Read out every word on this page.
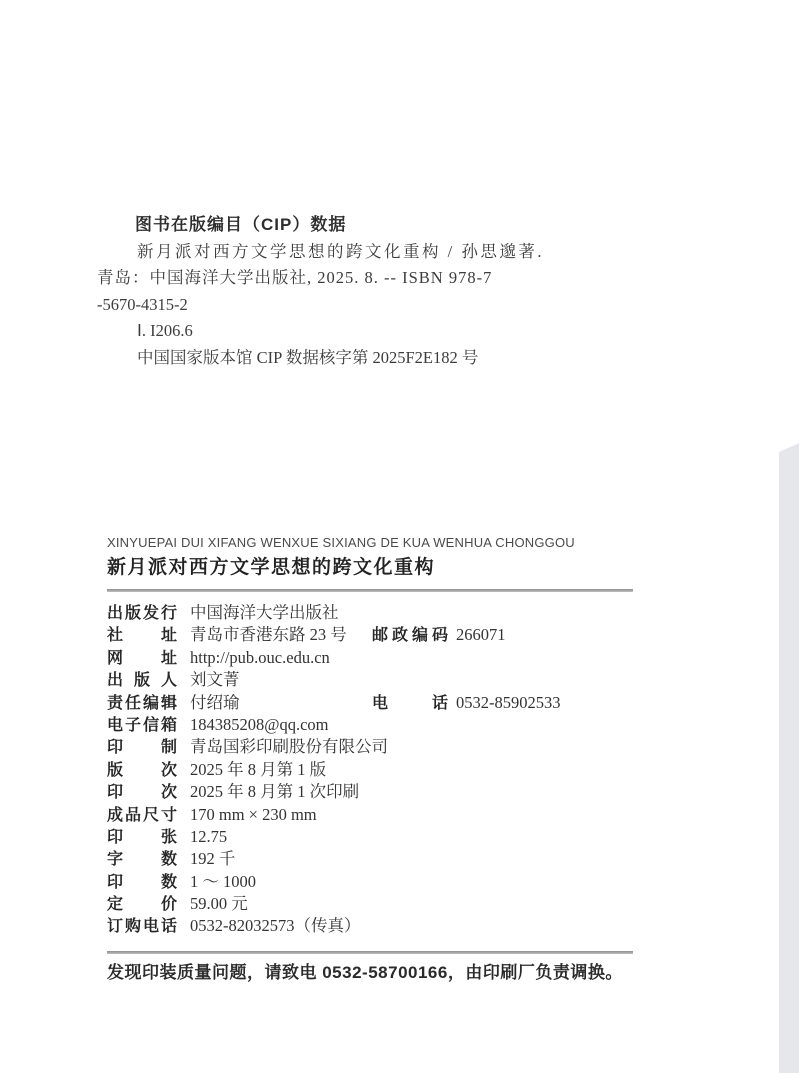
图书在版编目（CIP）数据
新月派对西方文学思想的跨文化重构 / 孙思邈著.
青岛：中国海洋大学出版社, 2025. 8. -- ISBN 978-7
-5670-4315-2
Ⅰ. I206.6
中国国家版本馆 CIP 数据核字第 2025F2E182 号
XINYUEPAI DUI XIFANG WENXUE SIXIANG DE KUA WENHUA CHONGGOU
新月派对西方文学思想的跨文化重构
出版发行 中国海洋大学出版社
社址 青岛市香港东路 23 号 邮政编码 266071
网址 http://pub.ouc.edu.cn
出版人 刘文菁
责任编辑 付绍瑜	电话 0532-85902533
电子信箱 184385208@qq.com
印制 青岛国彩印刷股份有限公司
版次 2025 年 8 月第 1 版
印次 2025 年 8 月第 1 次印刷
成品尺寸 170 mm × 230 mm
印张 12.75
字数 192 千
印数 1 ～ 1000
定价 59.00 元
订购电话 0532-82032573（传真）
发现印装质量问题，请致电 0532-58700166，由印刷厂负责调换。
